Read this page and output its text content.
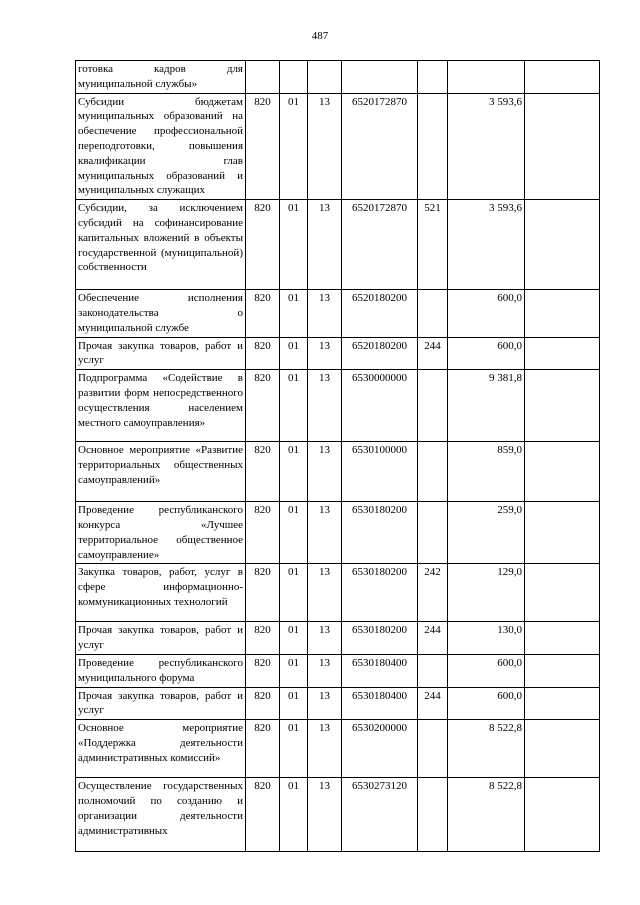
487
готовка кадров для муниципальной службы»							
Субсидии бюджетам муниципальных образований на обеспечение профессиональной переподготовки, повышения квалификации глав муниципальных образований и муниципальных служащих	820	01	13	6520172870		3 593,6	
Субсидии, за исключением субсидий на софинансирование капитальных вложений в объекты государственной (муниципальной) собственности	820	01	13	6520172870	521	3 593,6	
Обеспечение исполнения законодательства о муниципальной службе	820	01	13	6520180200		600,0	
Прочая закупка товаров, работ и услуг	820	01	13	6520180200	244	600,0	
Подпрограмма «Содействие в развитии форм непосредственного осуществления населением местного самоуправления»	820	01	13	6530000000		9 381,8	
Основное мероприятие «Развитие территориальных общественных самоуправлений»	820	01	13	6530100000		859,0	
Проведение республиканского конкурса «Лучшее территориальное общественное самоуправление»	820	01	13	6530180200		259,0	
Закупка товаров, работ, услуг в сфере информационно-коммуникационных технологий	820	01	13	6530180200	242	129,0	
Прочая закупка товаров, работ и услуг	820	01	13	6530180200	244	130,0	
Проведение республиканского муниципального форума	820	01	13	6530180400		600,0	
Прочая закупка товаров, работ и услуг	820	01	13	6530180400	244	600,0	
Основное мероприятие «Поддержка деятельности административных комиссий»	820	01	13	6530200000		8 522,8	
Осуществление государственных полномочий по созданию и организации деятельности административных	820	01	13	6530273120		8 522,8	
